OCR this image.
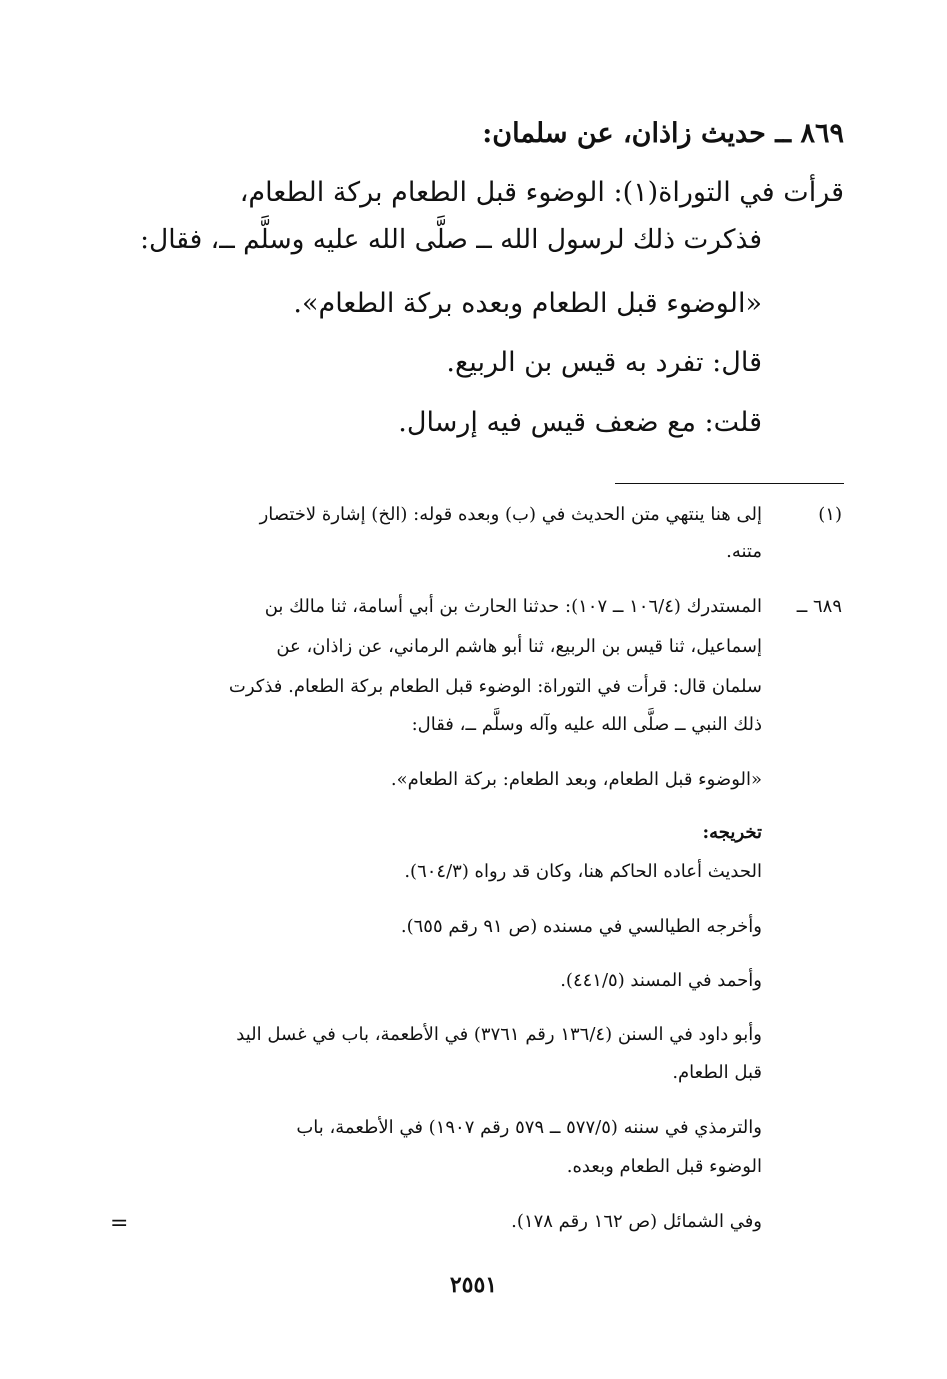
٨٦٩ ــ حديث زاذان، عن سلمان:
قرأت في التوراة(١): الوضوء قبل الطعام بركة الطعام،
فذكرت ذلك لرسول الله ــ صلَّى الله عليه وسلَّم ــ، فقال:
«الوضوء قبل الطعام وبعده بركة الطعام».
قال: تفرد به قيس بن الربيع.
قلت: مع ضعف قيس فيه إرسال.
(١)
إلى هنا ينتهي متن الحديث في (ب) وبعده قوله: (الخ) إشارة لاختصار
متنه.
٦٨٩ ــ
المستدرك (١٠٦/٤ ــ ١٠٧): حدثنا الحارث بن أبي أسامة، ثنا مالك بن
إسماعيل، ثنا قيس بن الربيع، ثنا أبو هاشم الرماني، عن زاذان، عن
سلمان قال: قرأت في التوراة: الوضوء قبل الطعام بركة الطعام. فذكرت
ذلك النبي ــ صلَّى الله عليه وآله وسلَّم ــ، فقال:
«الوضوء قبل الطعام، وبعد الطعام: بركة الطعام».
تخريجه:
الحديث أعاده الحاكم هنا، وكان قد رواه (٦٠٤/٣).
وأخرجه الطيالسي في مسنده (ص ٩١ رقم ٦٥٥).
وأحمد في المسند (٤٤١/٥).
وأبو داود في السنن (١٣٦/٤ رقم ٣٧٦١) في الأطعمة، باب في غسل اليد
قبل الطعام.
والترمذي في سننه (٥٧٧/٥ ــ ٥٧٩ رقم ١٩٠٧) في الأطعمة، باب
الوضوء قبل الطعام وبعده.
وفي الشمائل (ص ١٦٢ رقم ١٧٨).
=
٢٥٥١
